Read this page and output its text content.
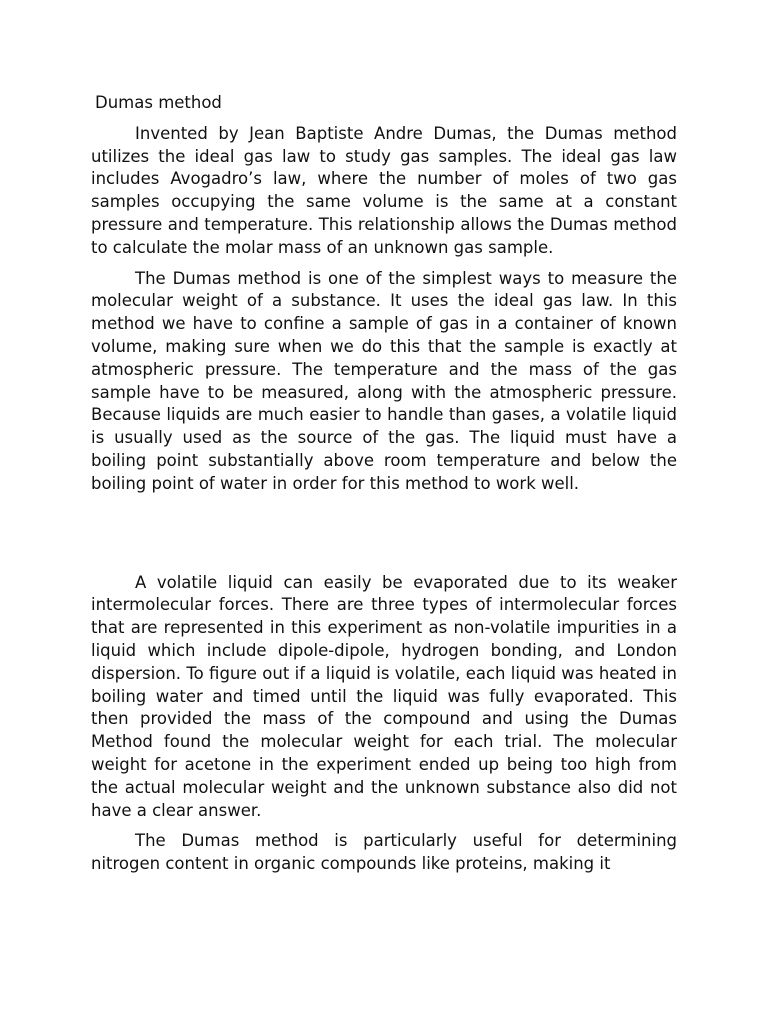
Dumas method

Invented by Jean Baptiste Andre Dumas, the Dumas method utilizes the ideal gas law to study gas samples. The ideal gas law includes Avogadro’s law, where the number of moles of two gas samples occupying the same volume is the same at a constant pressure and temperature. This relationship allows the Dumas method to calculate the molar mass of an unknown gas sample.

The Dumas method is one of the simplest ways to measure the molecular weight of a substance. It uses the ideal gas law. In this method we have to confine a sample of gas in a container of known volume, making sure when we do this that the sample is exactly at atmospheric pressure. The temperature and the mass of the gas sample have to be measured, along with the atmospheric pressure. Because liquids are much easier to handle than gases, a volatile liquid is usually used as the source of the gas. The liquid must have a boiling point substantially above room temperature and below the boiling point of water in order for this method to work well.

A volatile liquid can easily be evaporated due to its weaker intermolecular forces. There are three types of intermolecular forces that are represented in this experiment as non-volatile impurities in a liquid which include dipole-dipole, hydrogen bonding, and London dispersion. To figure out if a liquid is volatile, each liquid was heated in boiling water and timed until the liquid was fully evaporated. This then provided the mass of the compound and using the Dumas Method found the molecular weight for each trial. The molecular weight for acetone in the experiment ended up being too high from the actual molecular weight and the unknown substance also did not have a clear answer.

The Dumas method is particularly useful for determining nitrogen content in organic compounds like proteins, making it
